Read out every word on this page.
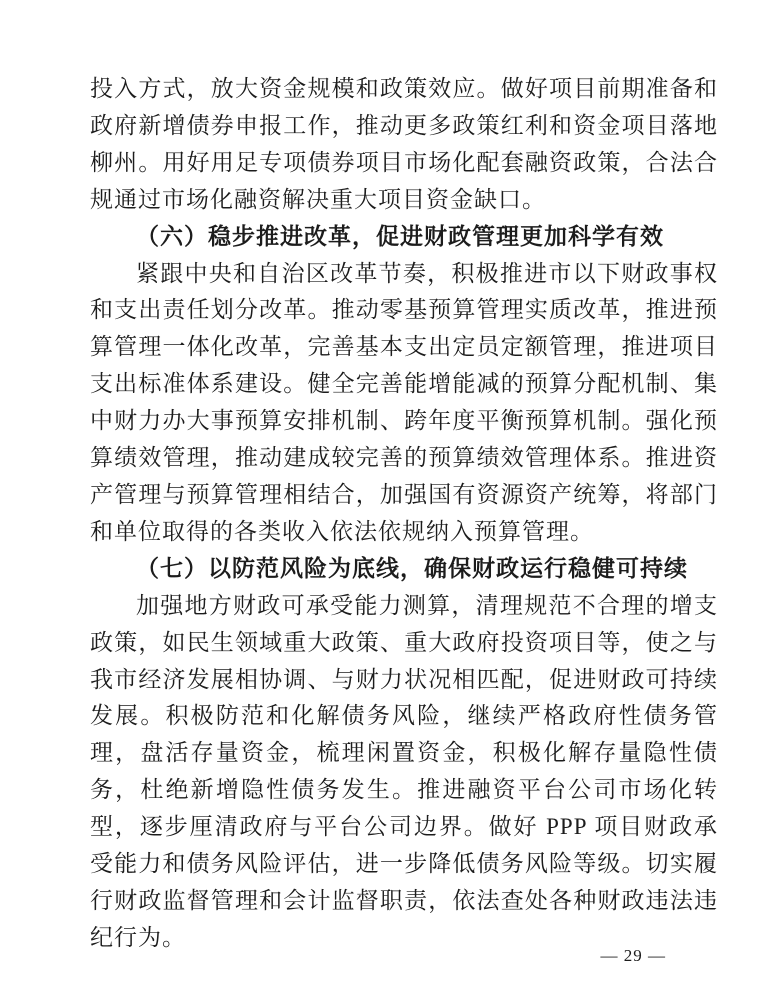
投入方式，放大资金规模和政策效应。做好项目前期准备和政府新增债券申报工作，推动更多政策红利和资金项目落地柳州。用好用足专项债券项目市场化配套融资政策，合法合规通过市场化融资解决重大项目资金缺口。

（六）稳步推进改革，促进财政管理更加科学有效

紧跟中央和自治区改革节奏，积极推进市以下财政事权和支出责任划分改革。推动零基预算管理实质改革，推进预算管理一体化改革，完善基本支出定员定额管理，推进项目支出标准体系建设。健全完善能增能减的预算分配机制、集中财力办大事预算安排机制、跨年度平衡预算机制。强化预算绩效管理，推动建成较完善的预算绩效管理体系。推进资产管理与预算管理相结合，加强国有资源资产统筹，将部门和单位取得的各类收入依法依规纳入预算管理。

（七）以防范风险为底线，确保财政运行稳健可持续

加强地方财政可承受能力测算，清理规范不合理的增支政策，如民生领域重大政策、重大政府投资项目等，使之与我市经济发展相协调、与财力状况相匹配，促进财政可持续发展。积极防范和化解债务风险，继续严格政府性债务管理，盘活存量资金，梳理闲置资金，积极化解存量隐性债务，杜绝新增隐性债务发生。推进融资平台公司市场化转型，逐步厘清政府与平台公司边界。做好 PPP 项目财政承受能力和债务风险评估，进一步降低债务风险等级。切实履行财政监督管理和会计监督职责，依法查处各种财政违法违纪行为。

— 29 —
